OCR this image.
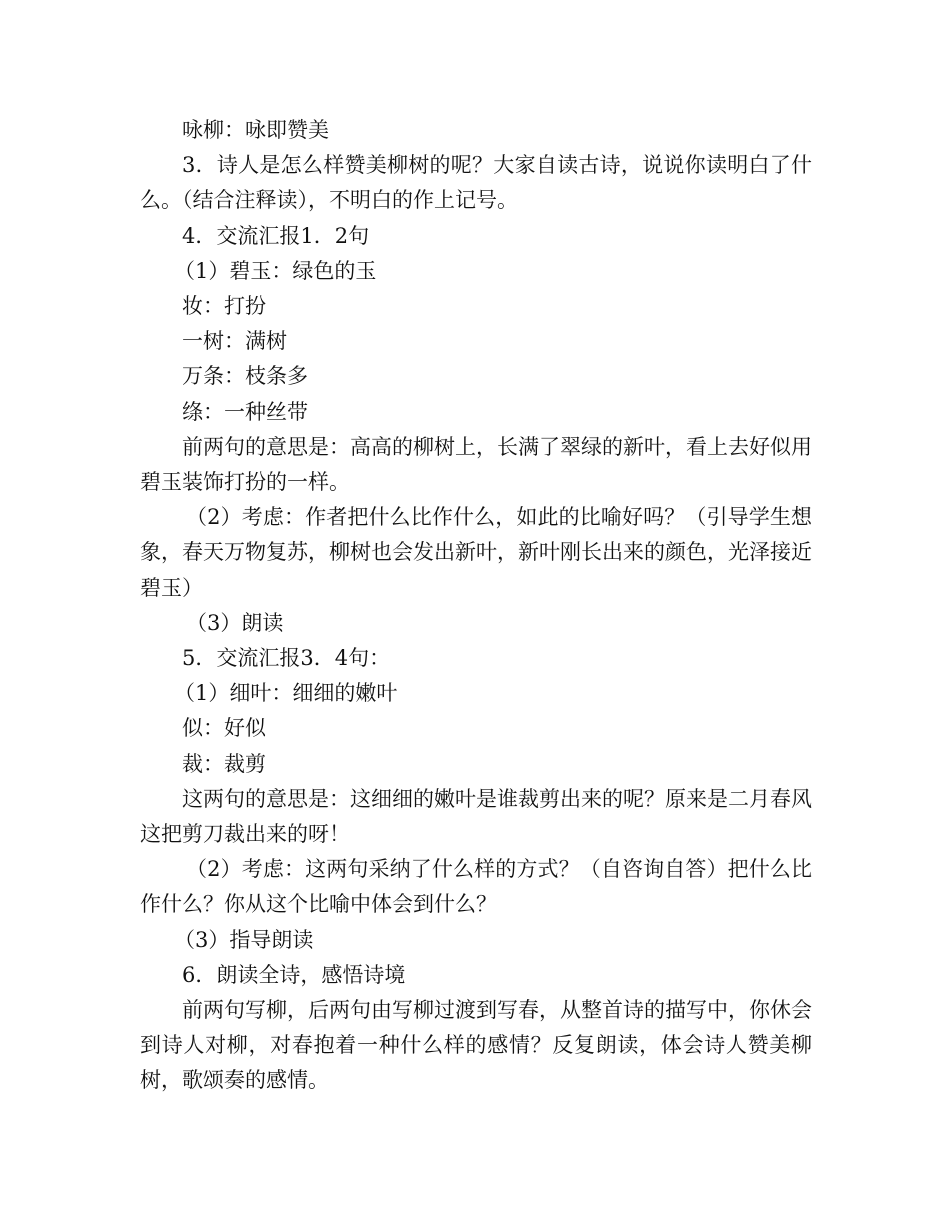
咏柳：咏即赞美

3．诗人是怎么样赞美柳树的呢？大家自读古诗，说说你读明白了什么。（结合注释读），不明白的作上记号。

4．交流汇报1．2句

（1）碧玉：绿色的玉

妆：打扮

一树：满树

万条：枝条多

绦：一种丝带

前两句的意思是：高高的柳树上，长满了翠绿的新叶，看上去好似用碧玉装饰打扮的一样。

（2）考虑：作者把什么比作什么，如此的比喻好吗？（引导学生想象，春天万物复苏，柳树也会发出新叶，新叶刚长出来的颜色，光泽接近碧玉）

（3）朗读

5．交流汇报3．4句：

（1）细叶：细细的嫩叶

似：好似

裁：裁剪

这两句的意思是：这细细的嫩叶是谁裁剪出来的呢？原来是二月春风这把剪刀裁出来的呀！

（2）考虑：这两句采纳了什么样的方式？（自咨询自答）把什么比作什么？你从这个比喻中体会到什么？

（3）指导朗读

6．朗读全诗，感悟诗境

前两句写柳，后两句由写柳过渡到写春，从整首诗的描写中，你休会到诗人对柳，对春抱着一种什么样的感情？反复朗读，体会诗人赞美柳树，歌颂奏的感情。
